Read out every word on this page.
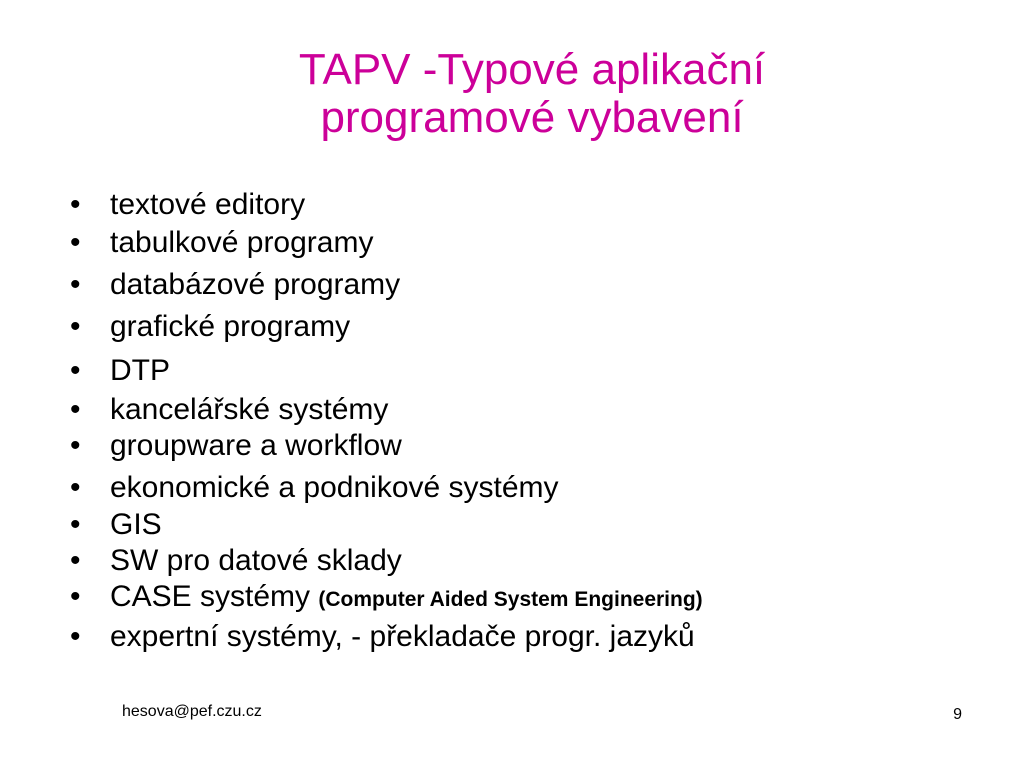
TAPV -Typové aplikační
programové vybavení
• textové editory
• tabulkové programy
• databázové programy
• grafické programy
• DTP
• kancelářské systémy
• groupware a workflow
• ekonomické a podnikové systémy
• GIS
• SW pro datové sklady
• CASE systémy (Computer Aided System Engineering)
• expertní systémy, - překladače progr. jazyků
hesova@pef.czu.cz	9
